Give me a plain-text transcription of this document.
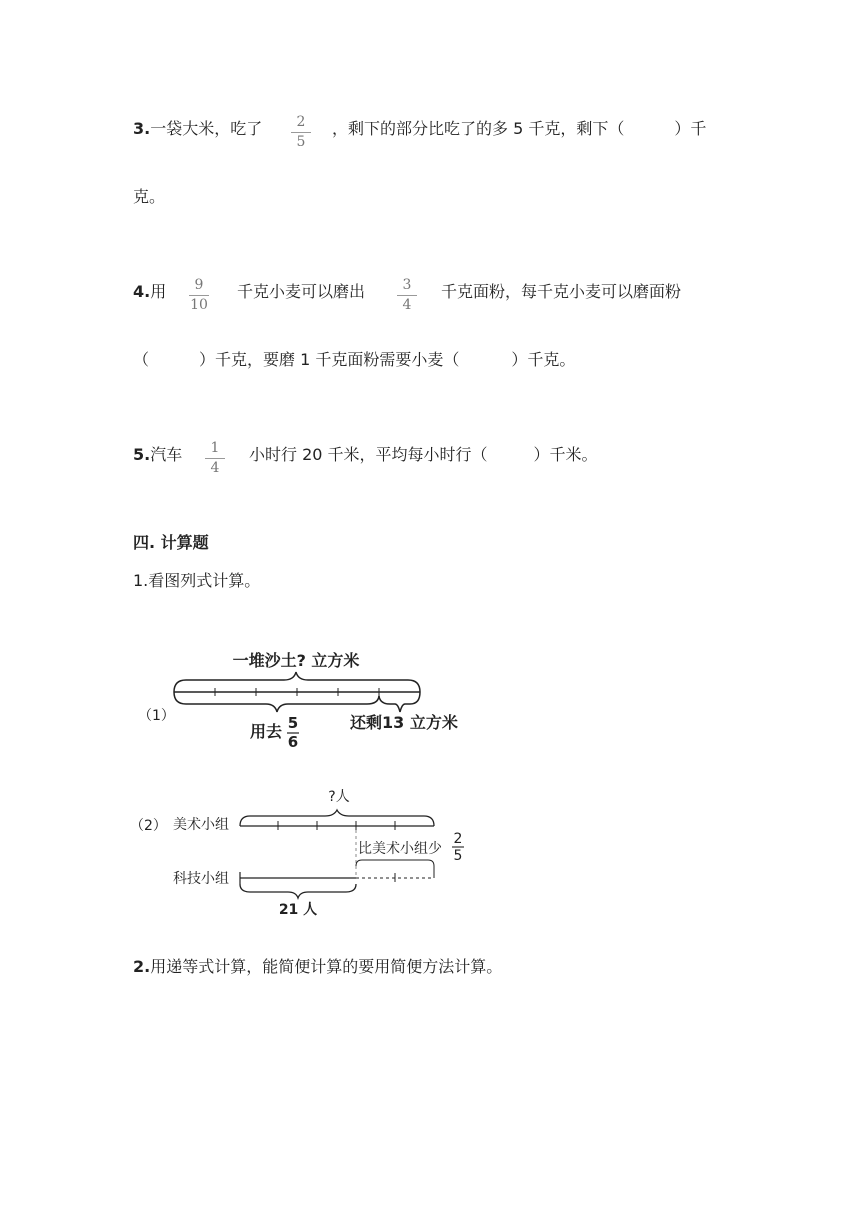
3.一袋大米，吃了	2
5
，剩下的部分比吃了的多 5 千克，剩下（	）千
克。
4.用	9
10
千克小麦可以磨出	3
4
千克面粉，每千克小麦可以磨面粉
（	）千克，要磨 1 千克面粉需要小麦（	）千克。
5.汽车	1
4
小时行 20 千米，平均每小时行（	）千米。
四. 计算题
1.看图列式计算。
（1）
一堆沙土? 立方米
用去 5
6
还剩13 立方米
（2） 美术小组
?人
比美术小组少
2
5
科技小组
21 人
2.用递等式计算，能简便计算的要用简便方法计算。
